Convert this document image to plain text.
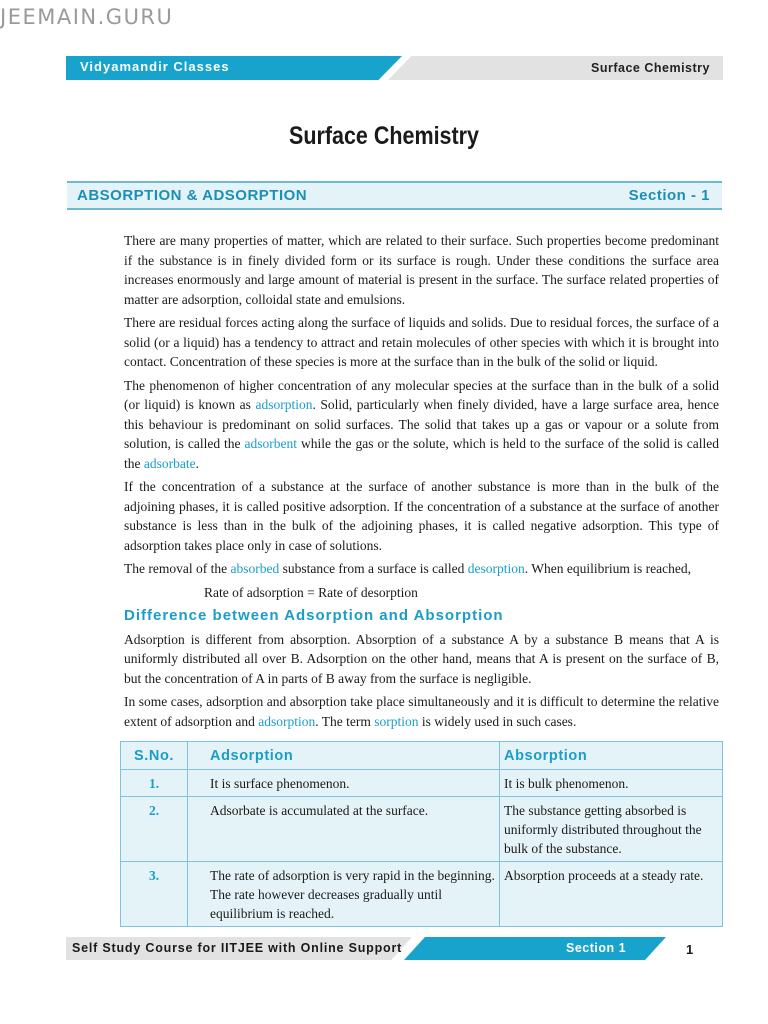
JEEMAIN.GURU
Vidyamandir Classes	Surface Chemistry
Surface Chemistry
ABSORPTION & ADSORPTION	Section - 1

There are many properties of matter, which are related to their surface. Such properties become predominant if the substance is in finely divided form or its surface is rough. Under these conditions the surface area increases enormously and large amount of material is present in the surface. The surface related properties of matter are adsorption, colloidal state and emulsions.

There are residual forces acting along the surface of liquids and solids. Due to residual forces, the surface of a solid (or a liquid) has a tendency to attract and retain molecules of other species with which it is brought into contact. Concentration of these species is more at the surface than in the bulk of the solid or liquid.

The phenomenon of higher concentration of any molecular species at the surface than in the bulk of a solid (or liquid) is known as adsorption. Solid, particularly when finely divided, have a large surface area, hence this behaviour is predominant on solid surfaces. The solid that takes up a gas or vapour or a solute from solution, is called the adsorbent while the gas or the solute, which is held to the surface of the solid is called the adsorbate.

If the concentration of a substance at the surface of another substance is more than in the bulk of the adjoining phases, it is called positive adsorption. If the concentration of a substance at the surface of another substance is less than in the bulk of the adjoining phases, it is called negative adsorption. This type of adsorption takes place only in case of solutions.

The removal of the absorbed substance from a surface is called desorption. When equilibrium is reached,

Rate of adsorption = Rate of desorption

Difference between Adsorption and Absorption

Adsorption is different from absorption. Absorption of a substance A by a substance B means that A is uniformly distributed all over B. Adsorption on the other hand, means that A is present on the surface of B, but the concentration of A in parts of B away from the surface is negligible.

In some cases, adsorption and absorption take place simultaneously and it is difficult to determine the relative extent of adsorption and adsorption. The term sorption is widely used in such cases.

S.No.	Adsorption	Absorption
1.	It is surface phenomenon.	It is bulk phenomenon.
2.	Adsorbate is accumulated at the surface.	The substance getting absorbed is uniformly distributed throughout the bulk of the substance.
3.	The rate of adsorption is very rapid in the beginning. The rate however decreases gradually until equilibrium is reached.	Absorption proceeds at a steady rate.
Self Study Course for IITJEE with Online Support	Section 1	1
